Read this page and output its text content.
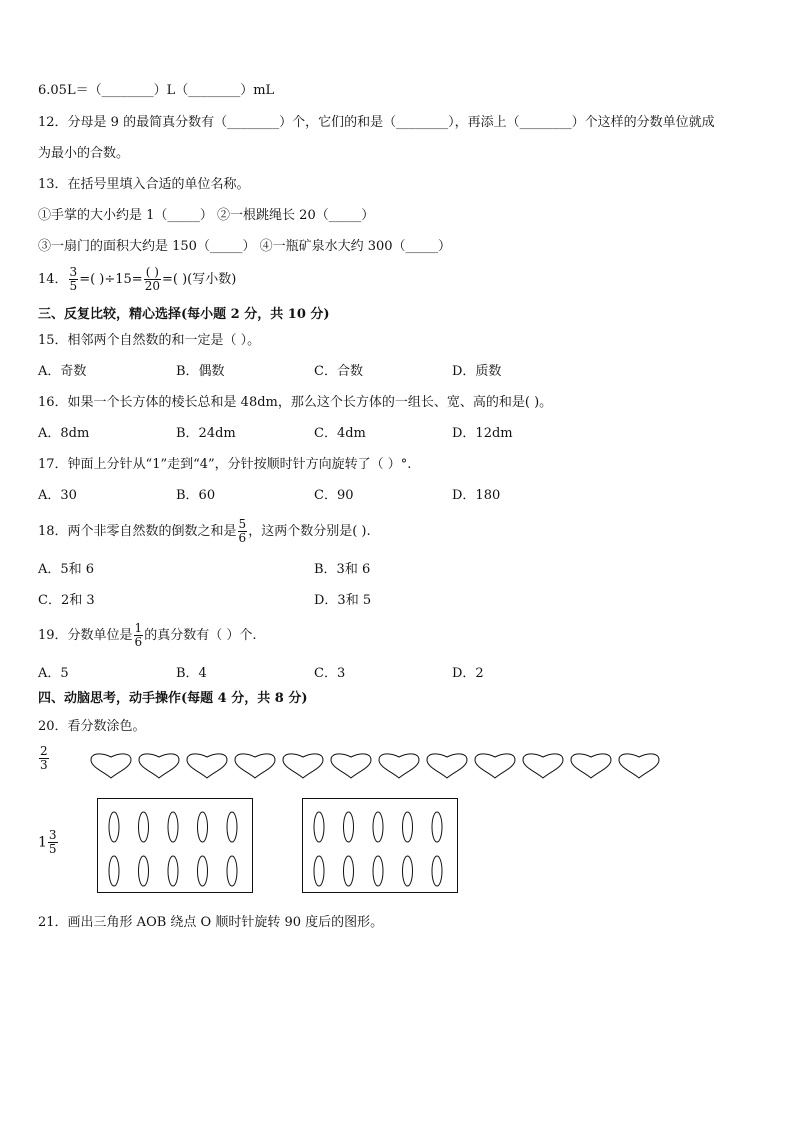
6.05L＝（________）L（________）mL
12．分母是 9 的最简真分数有（________）个，它们的和是（________），再添上（________）个这样的分数单位就成
为最小的合数。
13．在括号里填入合适的单位名称。
①手掌的大小约是 1（_____） ②一根跳绳长 20（_____）
③一扇门的面积大约是 150（_____） ④一瓶矿泉水大约 300（_____）
14． $\frac{3}{5}$ =( )$\div 15= \frac{( )}{20}$ =( )(写小数)
三、反复比较，精心选择(每小题 2 分，共 10 分)
15．相邻两个自然数的和一定是（ ）。
A．奇数	B．偶数	C．合数	D．质数
16．如果一个长方体的棱长总和是 48dm，那么这个长方体的一组长、宽、高的和是( )。
A．8dm	B．24dm	C．4dm	D．12dm
17．钟面上分针从“1”走到“4”，分针按顺时针方向旋转了（ ）°.
A．30	B．60	C．90	D．180
18．两个非零自然数的倒数之和是 $\frac{5}{6}$ ，这两个数分别是( ).
A．5和 6	B．3和 6
C．2和 3	D．3和 5
19．分数单位是 $\frac{1}{6}$ 的真分数有（ ）个.
A．5	B．4	C．3	D．2
四、动脑思考，动手操作(每题 4 分，共 8 分)
20．看分数涂色。
$\frac{2}{3}$
$1 \frac{3}{5}$
21．画出三角形 AOB 绕点 O 顺时针旋转 90 度后的图形。
